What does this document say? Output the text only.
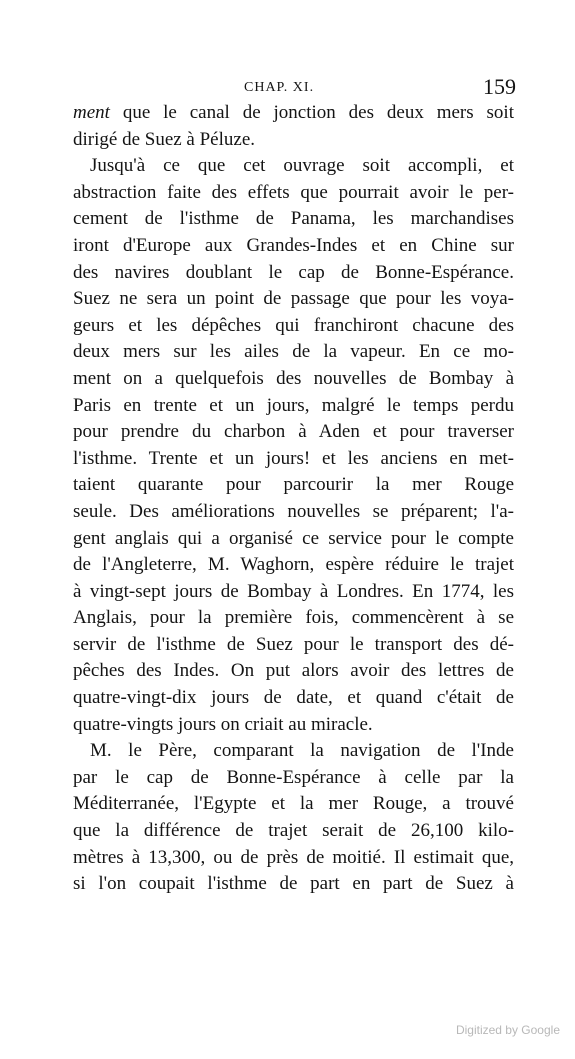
CHAP. XI.	159
ment que le canal de jonction des deux mers soit
dirigé de Suez à Péluze.
Jusqu'à ce que cet ouvrage soit accompli, et
abstraction faite des effets que pourrait avoir le per-
cement de l'isthme de Panama, les marchandises
iront d'Europe aux Grandes-Indes et en Chine sur
des navires doublant le cap de Bonne-Espérance.
Suez ne sera un point de passage que pour les voya-
geurs et les dépêches qui franchiront chacune des
deux mers sur les ailes de la vapeur. En ce mo-
ment on a quelquefois des nouvelles de Bombay à
Paris en trente et un jours, malgré le temps perdu
pour prendre du charbon à Aden et pour traverser
l'isthme. Trente et un jours! et les anciens en met-
taient quarante pour parcourir la mer Rouge
seule. Des améliorations nouvelles se préparent; l'a-
gent anglais qui a organisé ce service pour le compte
de l'Angleterre, M. Waghorn, espère réduire le trajet
à vingt-sept jours de Bombay à Londres. En 1774, les
Anglais, pour la première fois, commencèrent à se
servir de l'isthme de Suez pour le transport des dé-
pêches des Indes. On put alors avoir des lettres de
quatre-vingt-dix jours de date, et quand c'était de
quatre-vingts jours on criait au miracle.
M. le Père, comparant la navigation de l'Inde
par le cap de Bonne-Espérance à celle par la
Méditerranée, l'Egypte et la mer Rouge, a trouvé
que la différence de trajet serait de 26,100 kilo-
mètres à 13,300, ou de près de moitié. Il estimait que,
si l'on coupait l'isthme de part en part de Suez à
Digitized by Google
